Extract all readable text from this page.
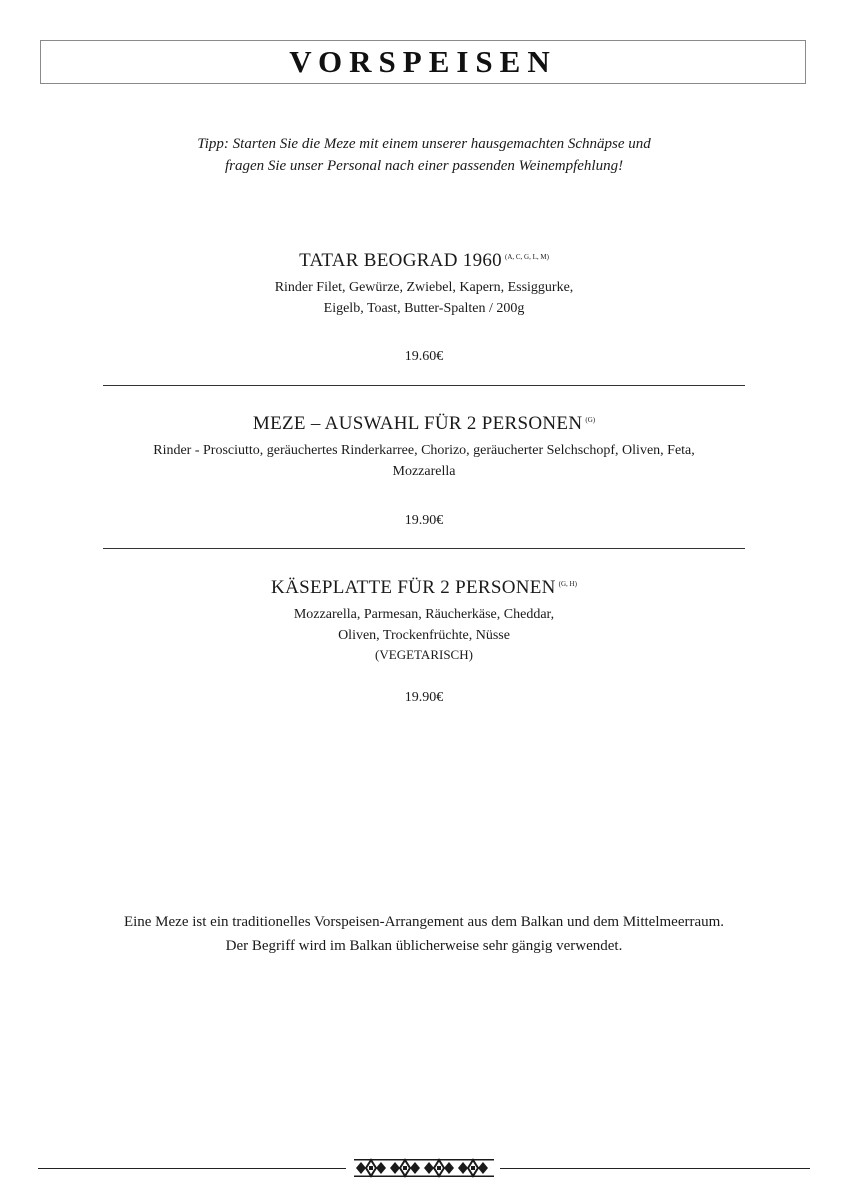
VORSPEISEN
Tipp: Starten Sie die Meze mit einem unserer hausgemachten Schnäpse und
fragen Sie unser Personal nach einer passenden Weinempfehlung!
TATAR BEOGRAD 1960 $^{(A, C, G, L, M)}$
Rinder Filet, Gewürze, Zwiebel, Kapern, Essiggurke,
Eigelb, Toast, Butter-Spalten / 200g
19.60€
MEZE – AUSWAHL FÜR 2 PERSONEN $^{(G)}$
Rinder - Prosciutto, geräuchertes Rinderkarree, Chorizo, geräucherter Selchschopf, Oliven, Feta,
Mozzarella
19.90€
KÄSEPLATTE FÜR 2 PERSONEN $^{(G, H)}$
Mozzarella, Parmesan, Räucherkäse, Cheddar,
Oliven, Trockenfrüchte, Nüsse
(VEGETARISCH)
19.90€
Eine Meze ist ein traditionelles Vorspeisen-Arrangement aus dem Balkan und dem Mittelmeerraum.
Der Begriff wird im Balkan üblicherweise sehr gängig verwendet.
